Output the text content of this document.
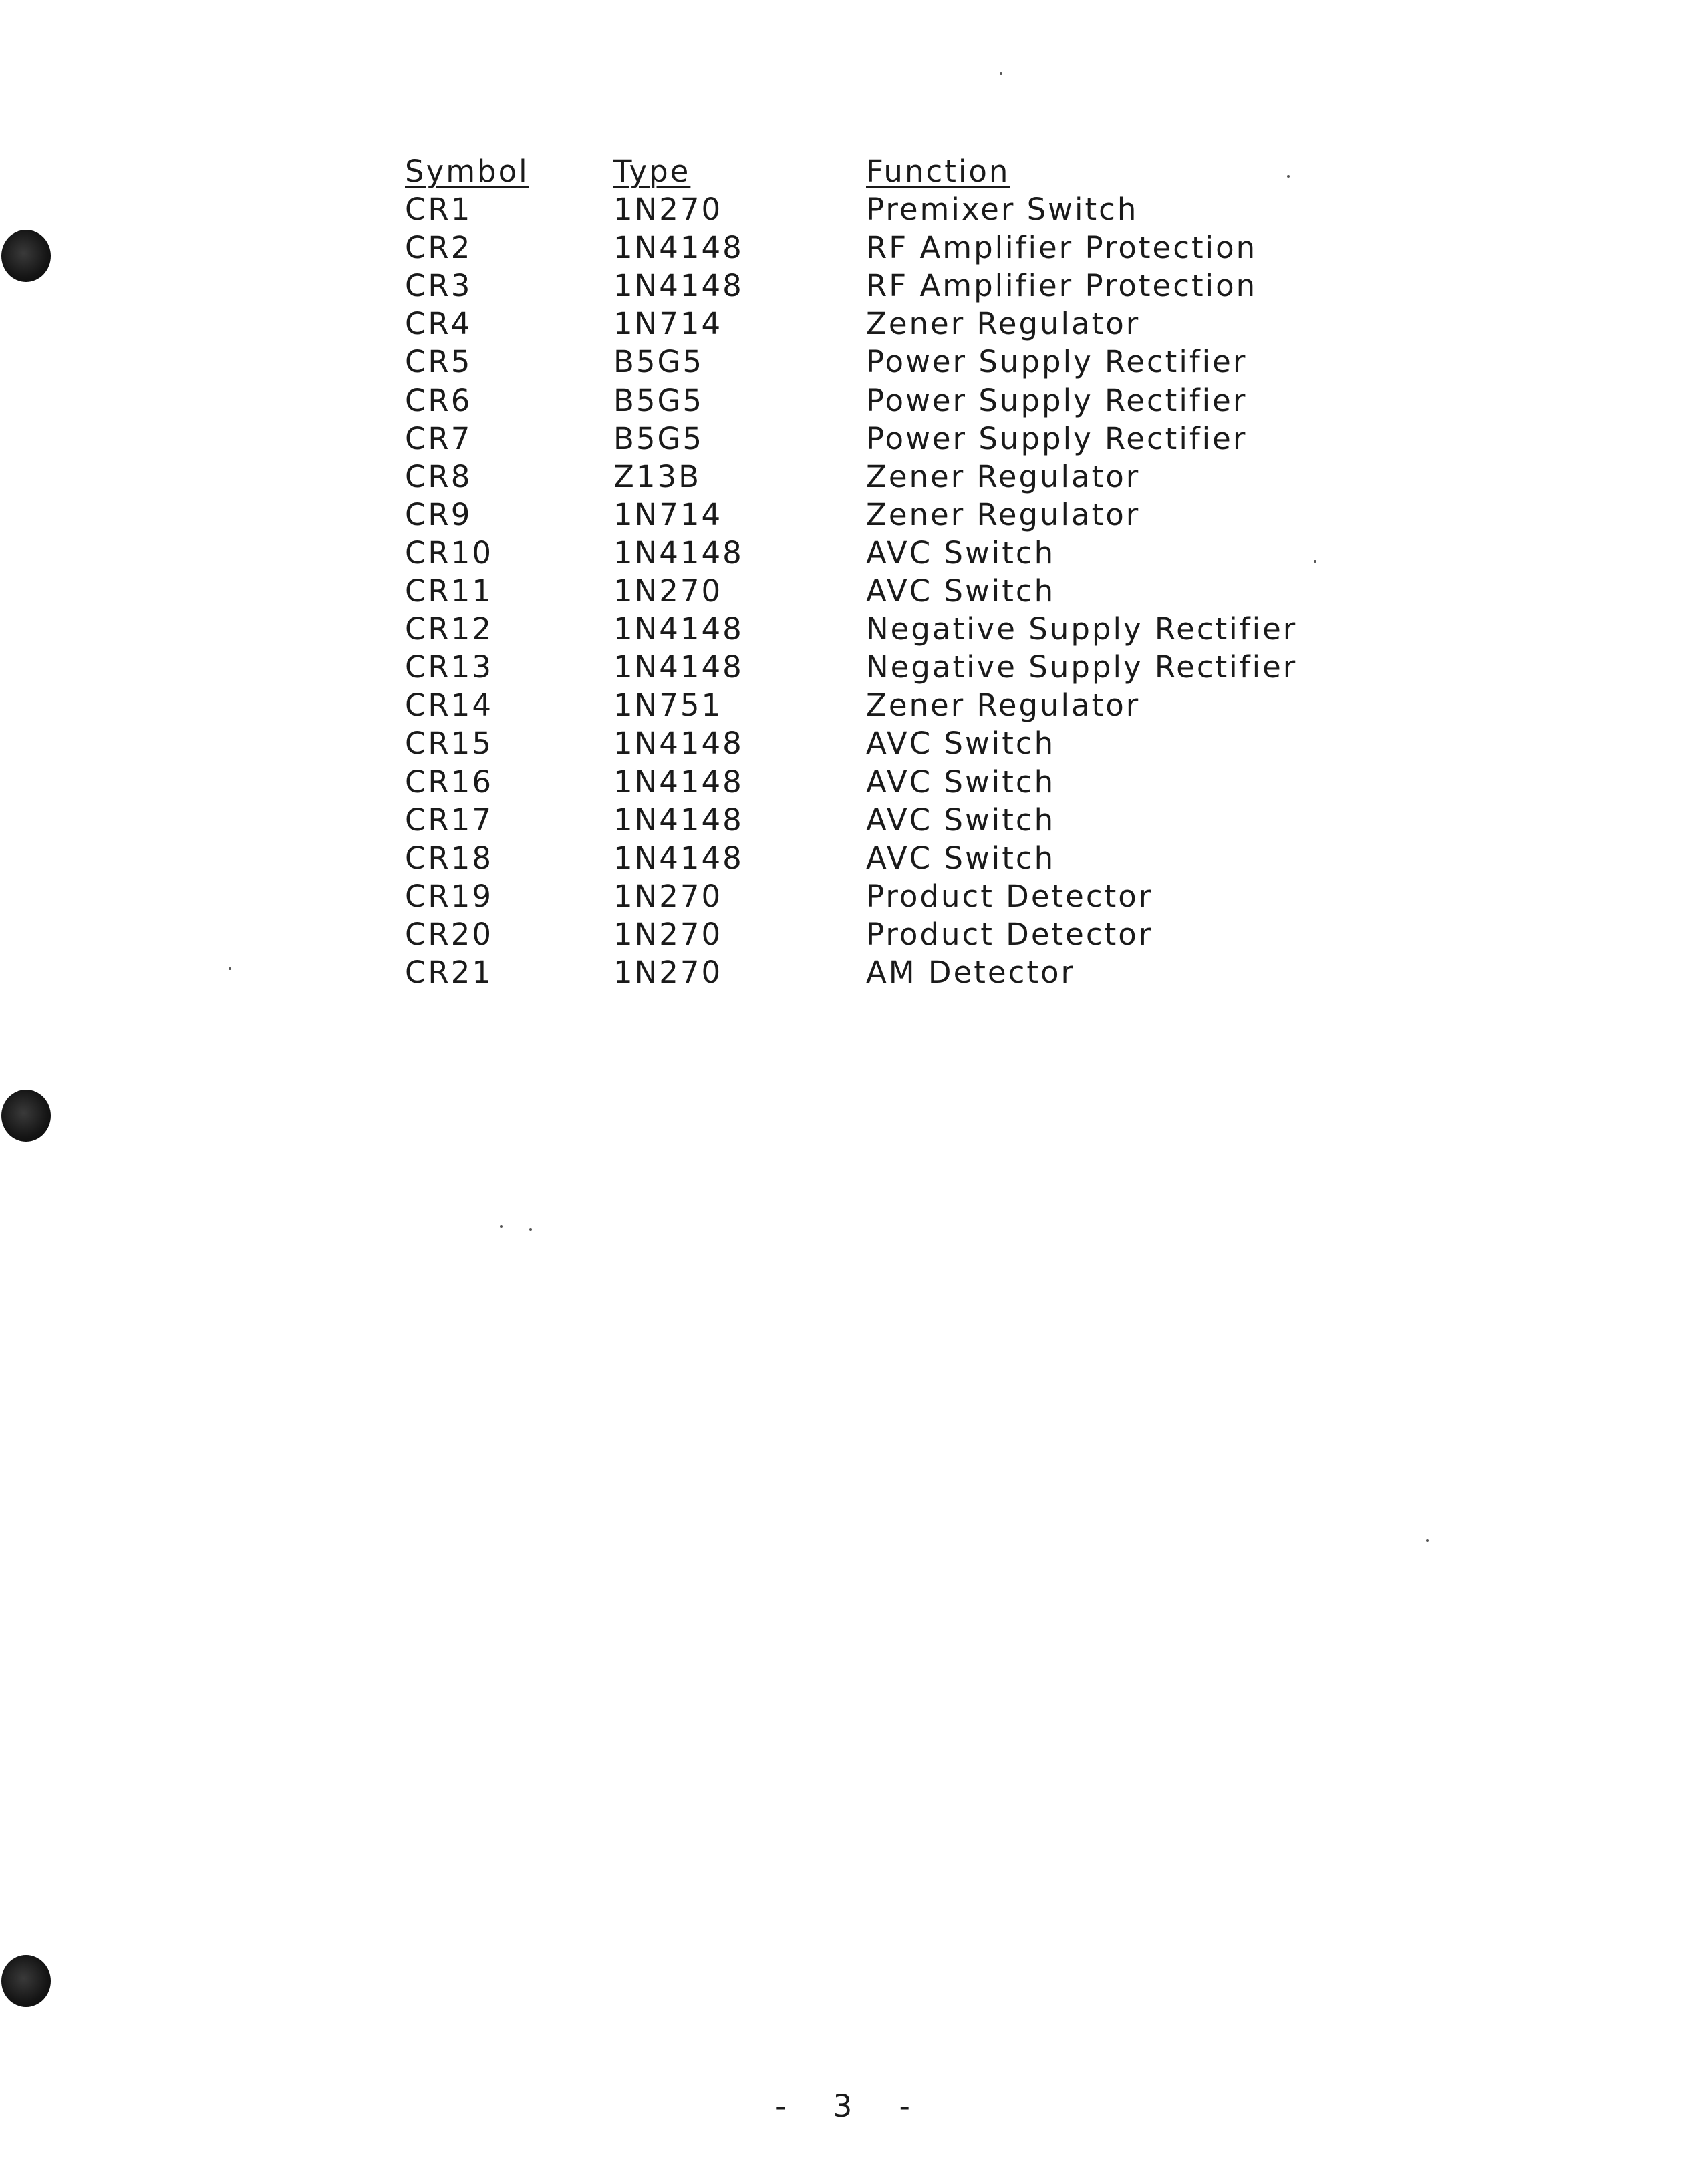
Symbol	Type	Function
CR1	1N270	Premixer Switch
CR2	1N4148	RF Amplifier Protection
CR3	1N4148	RF Amplifier Protection
CR4	1N714	Zener Regulator
CR5	B5G5	Power Supply Rectifier
CR6	B5G5	Power Supply Rectifier
CR7	B5G5	Power Supply Rectifier
CR8	Z13B	Zener Regulator
CR9	1N714	Zener Regulator
CR10	1N4148	AVC Switch
CR11	1N270	AVC Switch
CR12	1N4148	Negative Supply Rectifier
CR13	1N4148	Negative Supply Rectifier
CR14	1N751	Zener Regulator
CR15	1N4148	AVC Switch
CR16	1N4148	AVC Switch
CR17	1N4148	AVC Switch
CR18	1N4148	AVC Switch
CR19	1N270	Product Detector
CR20	1N270	Product Detector
CR21	1N270	AM Detector
- 3 -
